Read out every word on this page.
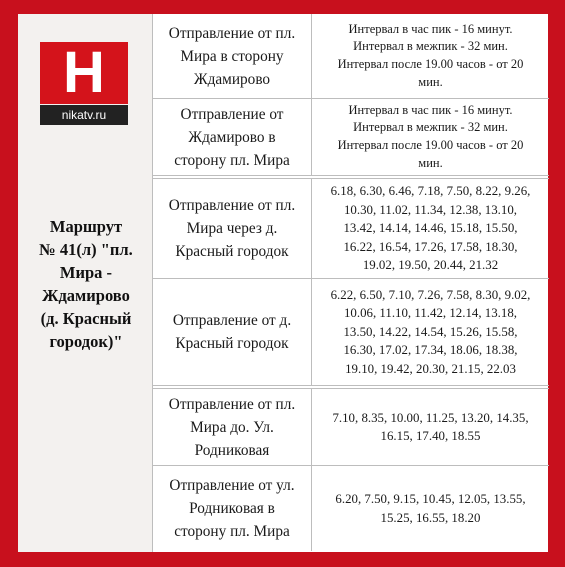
H
nikatv.ru
Маршрут
№ 41(л) "пл.
Мира -
Ждамирово
(д. Красный
городок)"
Отправление от пл.
Мира в сторону
Ждамирово
Интервал в час пик - 16 минут.
Интервал в межпик - 32 мин.
Интервал после 19.00 часов - от 20
мин.
Отправление от
Ждамирово в
сторону пл. Мира
Интервал в час пик - 16 минут.
Интервал в межпик - 32 мин.
Интервал после 19.00 часов - от 20
мин.
Отправление от пл.
Мира через д.
Красный городок
6.18, 6.30, 6.46, 7.18, 7.50, 8.22, 9.26,
10.30, 11.02, 11.34, 12.38, 13.10,
13.42, 14.14, 14.46, 15.18, 15.50,
16.22, 16.54, 17.26, 17.58, 18.30,
19.02, 19.50, 20.44, 21.32
Отправление от д.
Красный городок
6.22, 6.50, 7.10, 7.26, 7.58, 8.30, 9.02,
10.06, 11.10, 11.42, 12.14, 13.18,
13.50, 14.22, 14.54, 15.26, 15.58,
16.30, 17.02, 17.34, 18.06, 18.38,
19.10, 19.42, 20.30, 21.15, 22.03
Отправление от пл.
Мира до. Ул.
Родниковая
7.10, 8.35, 10.00, 11.25, 13.20, 14.35,
16.15, 17.40, 18.55
Отправление от ул.
Родниковая в
сторону пл. Мира
6.20, 7.50, 9.15, 10.45, 12.05, 13.55,
15.25, 16.55, 18.20
